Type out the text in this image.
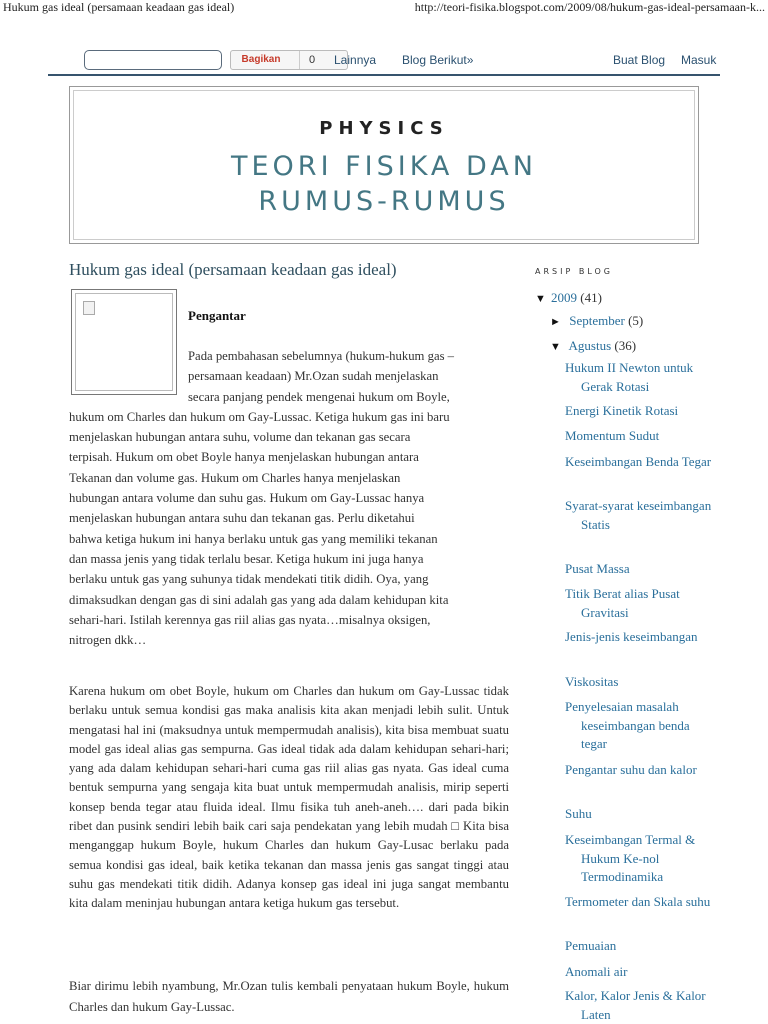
Hukum gas ideal (persamaan keadaan gas ideal)	http://teori-fisika.blogspot.com/2009/08/hukum-gas-ideal-persamaan-k...
Bagikan	0	Lainnya Blog Berikut»	Buat Blog Masuk
PHYSICS
TEORI FISIKA DAN
RUMUS-RUMUS
Hukum gas ideal (persamaan keadaan gas ideal)
Pengantar
Pada pembahasan sebelumnya (hukum-hukum gas –
persamaan keadaan) Mr.Ozan sudah menjelaskan
secara panjang pendek mengenai hukum om Boyle,
hukum om Charles dan hukum om Gay-Lussac. Ketiga hukum gas ini baru
menjelaskan hubungan antara suhu, volume dan tekanan gas secara
terpisah. Hukum om obet Boyle hanya menjelaskan hubungan antara
Tekanan dan volume gas. Hukum om Charles hanya menjelaskan
hubungan antara volume dan suhu gas. Hukum om Gay-Lussac hanya
menjelaskan hubungan antara suhu dan tekanan gas. Perlu diketahui
bahwa ketiga hukum ini hanya berlaku untuk gas yang memiliki tekanan
dan massa jenis yang tidak terlalu besar. Ketiga hukum ini juga hanya
berlaku untuk gas yang suhunya tidak mendekati titik didih. Oya, yang
dimaksudkan dengan gas di sini adalah gas yang ada dalam kehidupan kita
sehari-hari. Istilah kerennya gas riil alias gas nyata…misalnya oksigen,
nitrogen dkk…
Karena hukum om obet Boyle, hukum om Charles dan hukum om Gay-Lussac tidak berlaku untuk semua kondisi gas maka analisis kita akan menjadi lebih sulit. Untuk mengatasi hal ini (maksudnya untuk mempermudah analisis), kita bisa membuat suatu model gas ideal alias gas sempurna. Gas ideal tidak ada dalam kehidupan sehari-hari; yang ada dalam kehidupan sehari-hari cuma gas riil alias gas nyata. Gas ideal cuma bentuk sempurna yang sengaja kita buat untuk mempermudah analisis, mirip seperti konsep benda tegar atau fluida ideal. Ilmu fisika tuh aneh-aneh…. dari pada bikin ribet dan pusink sendiri lebih baik cari saja pendekatan yang lebih mudah □ Kita bisa menganggap hukum Boyle, hukum Charles dan hukum Gay-Lusac berlaku pada semua kondisi gas ideal, baik ketika tekanan dan massa jenis gas sangat tinggi atau suhu gas mendekati titik didih. Adanya konsep gas ideal ini juga sangat membantu kita dalam meninjau hubungan antara ketiga hukum gas tersebut.
Biar dirimu lebih nyambung, Mr.Ozan tulis kembali penyataan hukum Boyle, hukum Charles dan hukum Gay-Lussac.
ARSIP BLOG
▼ 2009 (41)
► September (5)
▼ Agustus (36)
Hukum II Newton untuk Gerak Rotasi
Energi Kinetik Rotasi
Momentum Sudut
Keseimbangan Benda Tegar
Syarat-syarat keseimbangan Statis
Pusat Massa
Titik Berat alias Pusat Gravitasi
Jenis-jenis keseimbangan
Viskositas
Penyelesaian masalah keseimbangan benda tegar
Pengantar suhu dan kalor
Suhu
Keseimbangan Termal & Hukum Ke-nol Termodinamika
Termometer dan Skala suhu
Pemuaian
Anomali air
Kalor, Kalor Jenis & Kalor Laten
